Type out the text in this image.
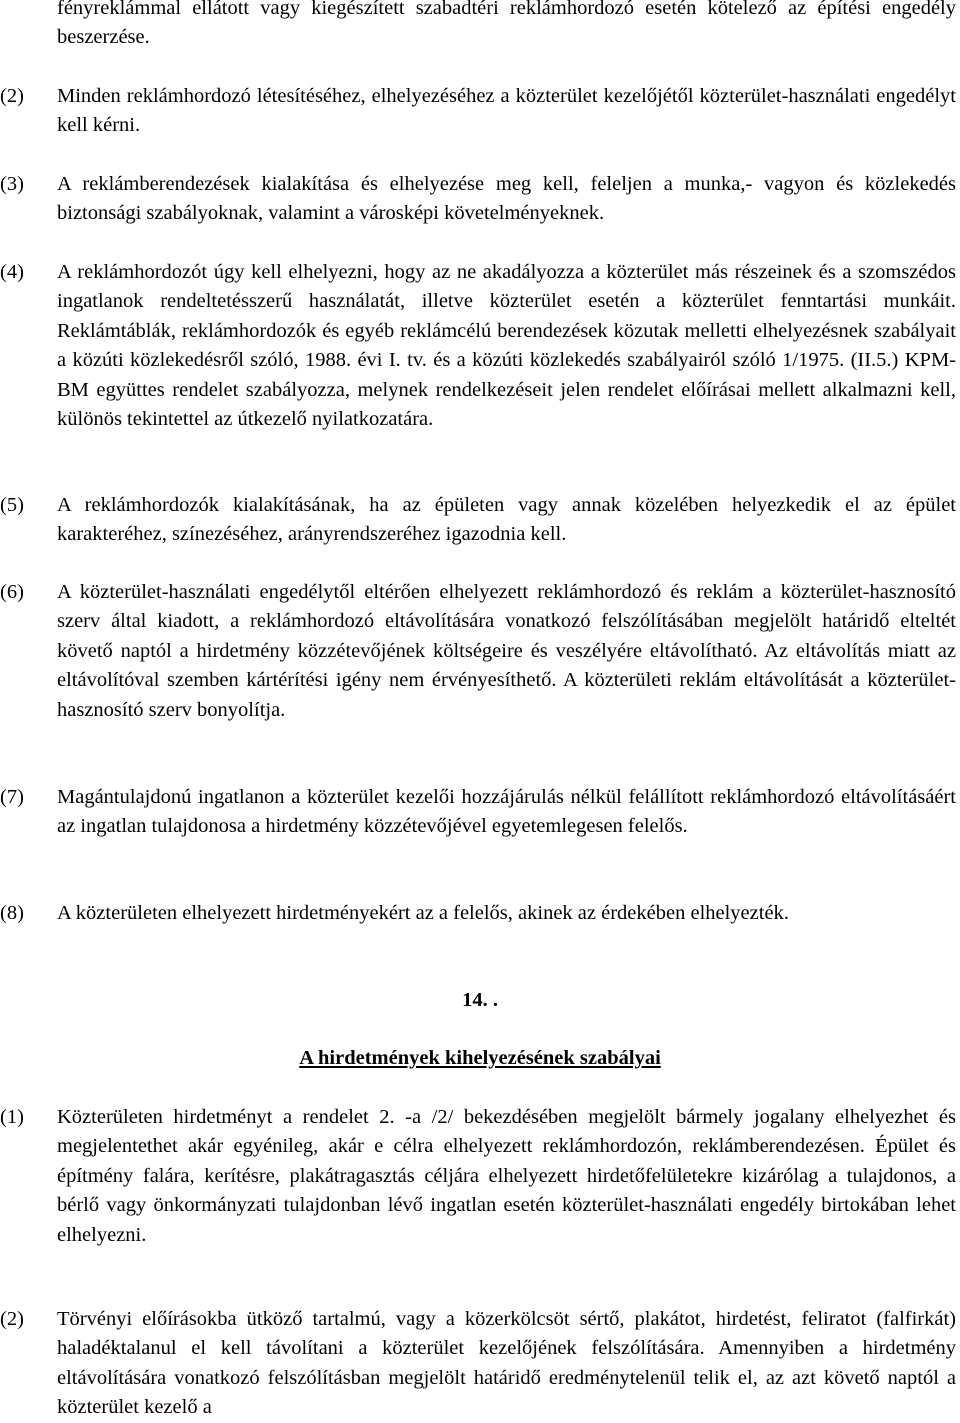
fényreklámmal ellátott vagy kiegészített szabadtéri reklámhordozó esetén kötelező az építési engedély beszerzése.
(2) Minden reklámhordozó létesítéséhez, elhelyezéséhez a közterület kezelőjétől közterület-használati engedélyt kell kérni.
(3) A reklámberendezések kialakítása és elhelyezése meg kell, feleljen a munka,- vagyon és közlekedés biztonsági szabályoknak, valamint a városképi követelményeknek.
(4) A reklámhordozót úgy kell elhelyezni, hogy az ne akadályozza a közterület más részeinek és a szomszédos ingatlanok rendeltetésszerű használatát, illetve közterület esetén a közterület fenntartási munkáit. Reklámtáblák, reklámhordozók és egyéb reklámcélú berendezések közutak melletti elhelyezésnek szabályait a közúti közlekedésről szóló, 1988. évi I. tv. és a közúti közlekedés szabályairól szóló 1/1975. (II.5.) KPM-BM együttes rendelet szabályozza, melynek rendelkezéseit jelen rendelet előírásai mellett alkalmazni kell, különös tekintettel az útkezelő nyilatkozatára.
(5) A reklámhordozók kialakításának, ha az épületen vagy annak közelében helyezkedik el az épület karakteréhez, színezéséhez, arányrendszeréhez igazodnia kell.
(6) A közterület-használati engedélytől eltérően elhelyezett reklámhordozó és reklám a közterület-hasznosító szerv által kiadott, a reklámhordozó eltávolítására vonatkozó felszólításában megjelölt határidő elteltét követő naptól a hirdetmény közzétevőjének költségeire és veszélyére eltávolítható. Az eltávolítás miatt az eltávolítóval szemben kártérítési igény nem érvényesíthető. A közterületi reklám eltávolítását a közterület-hasznosító szerv bonyolítja.
(7) Magántulajdonú ingatlanon a közterület kezelői hozzájárulás nélkül felállított reklámhordozó eltávolításáért az ingatlan tulajdonosa a hirdetmény közzétevőjével egyetemlegesen felelős.
(8) A közterületen elhelyezett hirdetményekért az a felelős, akinek az érdekében elhelyezték.
14. .
A hirdetmények kihelyezésének szabályai
(1) Közterületen hirdetményt a rendelet 2. -a /2/ bekezdésében megjelölt bármely jogalany elhelyezhet és megjelentethet akár egyénileg, akár e célra elhelyezett reklámhordozón, reklámberendezésen. Épület és építmény falára, kerítésre, plakátragasztás céljára elhelyezett hirdetőfelületekre kizárólag a tulajdonos, a bérlő vagy önkormányzati tulajdonban lévő ingatlan esetén közterület-használati engedély birtokában lehet elhelyezni.
(2) Törvényi előírásokba ütköző tartalmú, vagy a közerkölcsöt sértő, plakátot, hirdetést, feliratot (falfirkát) haladéktalanul el kell távolítani a közterület kezelőjének felszólítására. Amennyiben a hirdetmény eltávolítására vonatkozó felszólításban megjelölt határidő eredménytelenül telik el, az azt követő naptól a közterület kezelő a
